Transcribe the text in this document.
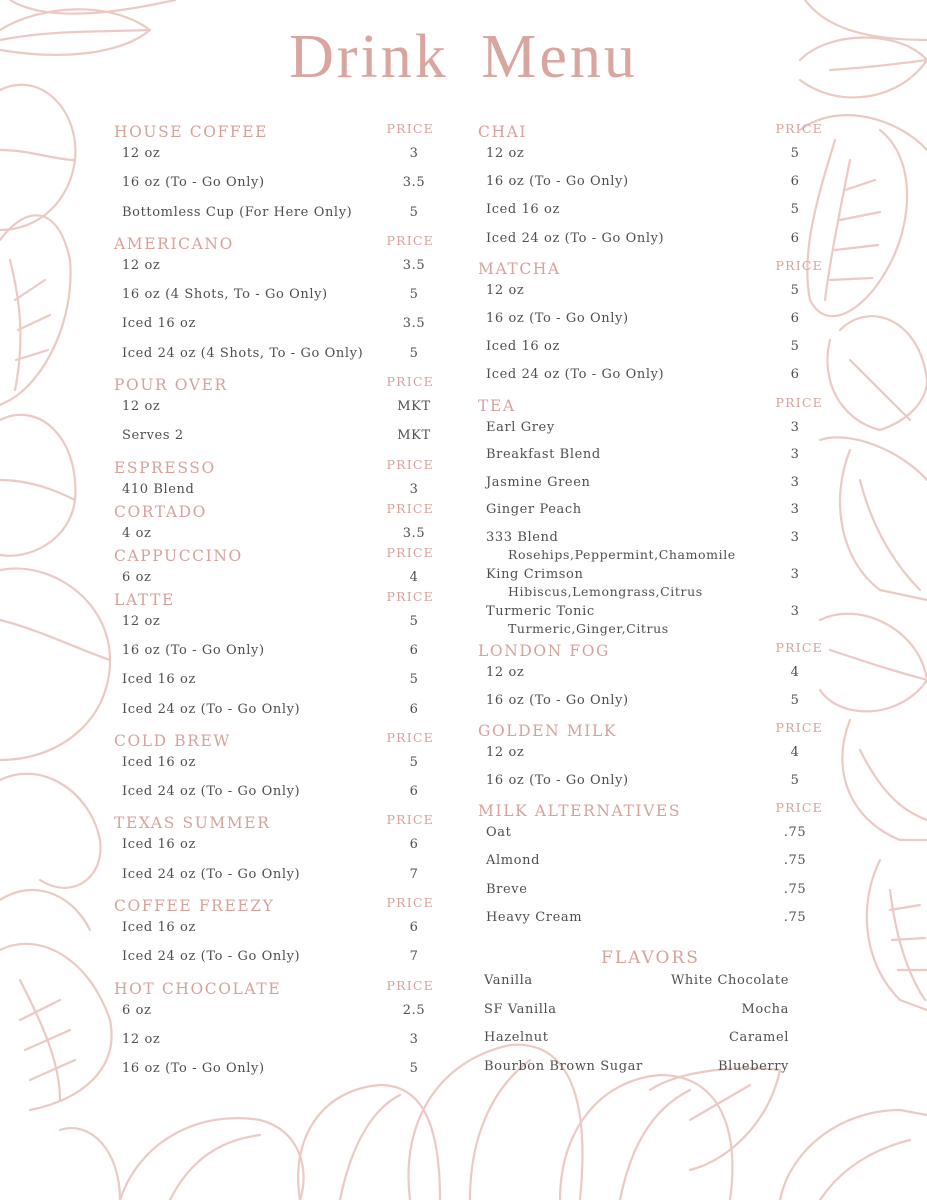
Drink Menu
HOUSE COFFEE	PRICE
12 oz	3
16 oz (To - Go Only)	3.5
Bottomless Cup (For Here Only)	5
AMERICANO	PRICE
12 oz	3.5
16 oz (4 Shots, To - Go Only)	5
Iced 16 oz	3.5
Iced 24 oz (4 Shots, To - Go Only)	5
POUR OVER	PRICE
12 oz	MKT
Serves 2	MKT
ESPRESSO	PRICE
410 Blend	3
CORTADO	PRICE
4 oz	3.5
CAPPUCCINO	PRICE
6 oz	4
LATTE	PRICE
12 oz	5
16 oz (To - Go Only)	6
Iced 16 oz	5
Iced 24 oz (To - Go Only)	6
COLD BREW	PRICE
Iced 16 oz	5
Iced 24 oz (To - Go Only)	6
TEXAS SUMMER	PRICE
Iced 16 oz	6
Iced 24 oz (To - Go Only)	7
COFFEE FREEZY	PRICE
Iced 16 oz	6
Iced 24 oz (To - Go Only)	7
HOT CHOCOLATE	PRICE
6 oz	2.5
12 oz	3
16 oz (To - Go Only)	5
CHAI	PRICE
12 oz	5
16 oz (To - Go Only)	6
Iced 16 oz	5
Iced 24 oz (To - Go Only)	6
MATCHA	PRICE
12 oz	5
16 oz (To - Go Only)	6
Iced 16 oz	5
Iced 24 oz (To - Go Only)	6
TEA	PRICE
Earl Grey	3
Breakfast Blend	3
Jasmine Green	3
Ginger Peach	3
333 Blend	3
Rosehips,Peppermint,Chamomile
King Crimson	3
Hibiscus,Lemongrass,Citrus
Turmeric Tonic	3
Turmeric,Ginger,Citrus
LONDON FOG	PRICE
12 oz	4
16 oz (To - Go Only)	5
GOLDEN MILK	PRICE
12 oz	4
16 oz (To - Go Only)	5
MILK ALTERNATIVES	PRICE
Oat	.75
Almond	.75
Breve	.75
Heavy Cream	.75
FLAVORS
Vanilla	White Chocolate
SF Vanilla	Mocha
Hazelnut	Caramel
Bourbon Brown Sugar	Blueberry
